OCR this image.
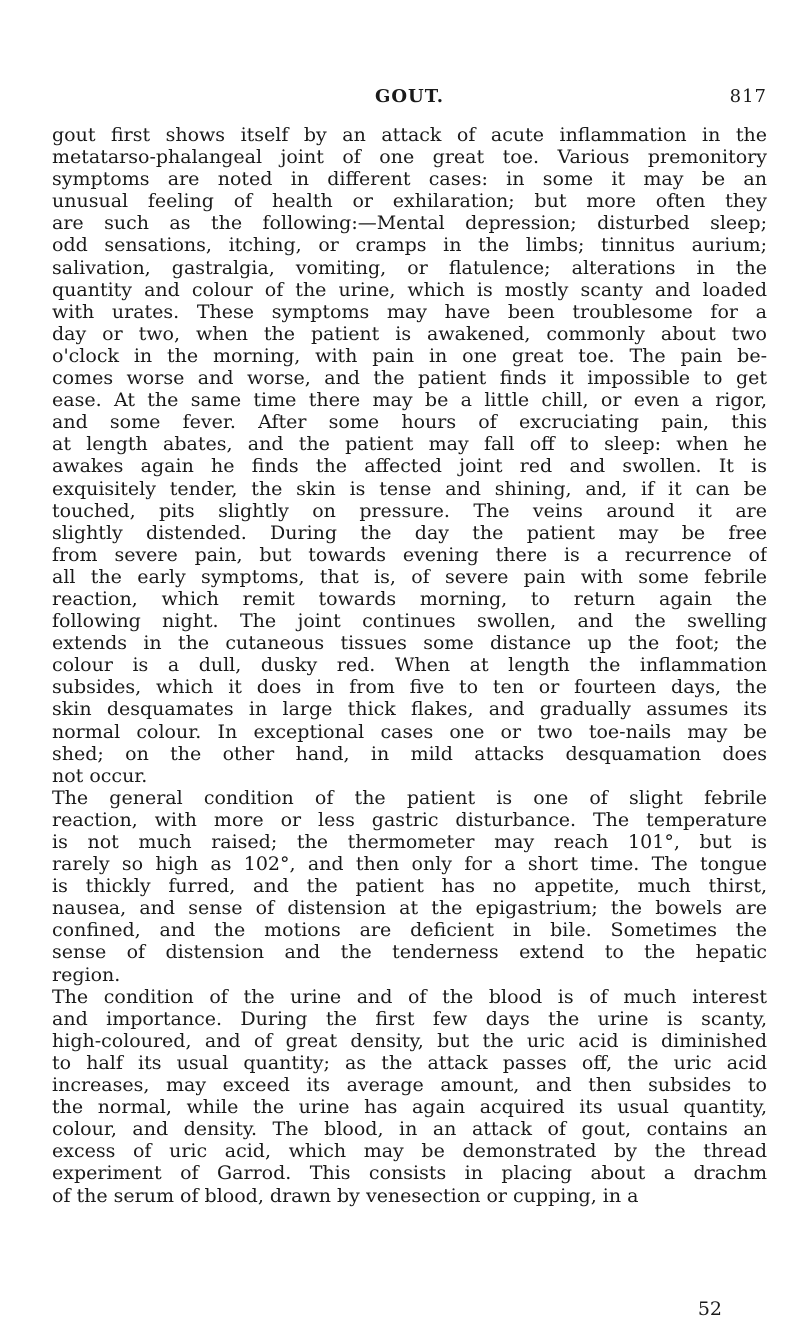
GOUT.	817
gout first shows itself by an attack of acute inflammation in the
metatarso-phalangeal joint of one great toe. Various premonitory
symptoms are noted in different cases: in some it may be an
unusual feeling of health or exhilaration; but more often they
are such as the following:—Mental depression; disturbed sleep;
odd sensations, itching, or cramps in the limbs; tinnitus aurium;
salivation, gastralgia, vomiting, or flatulence; alterations in the
quantity and colour of the urine, which is mostly scanty and loaded
with urates. These symptoms may have been troublesome for a
day or two, when the patient is awakened, commonly about two
o'clock in the morning, with pain in one great toe. The pain be-
comes worse and worse, and the patient finds it impossible to get
ease. At the same time there may be a little chill, or even a rigor,
and some fever. After some hours of excruciating pain, this
at length abates, and the patient may fall off to sleep: when he
awakes again he finds the affected joint red and swollen. It is
exquisitely tender, the skin is tense and shining, and, if it can be
touched, pits slightly on pressure. The veins around it are
slightly distended. During the day the patient may be free
from severe pain, but towards evening there is a recurrence of
all the early symptoms, that is, of severe pain with some febrile
reaction, which remit towards morning, to return again the
following night. The joint continues swollen, and the swelling
extends in the cutaneous tissues some distance up the foot; the
colour is a dull, dusky red. When at length the inflammation
subsides, which it does in from five to ten or fourteen days, the
skin desquamates in large thick flakes, and gradually assumes its
normal colour. In exceptional cases one or two toe-nails may be
shed; on the other hand, in mild attacks desquamation does
not occur.
The general condition of the patient is one of slight febrile
reaction, with more or less gastric disturbance. The temperature
is not much raised; the thermometer may reach 101°, but is
rarely so high as 102°, and then only for a short time. The tongue
is thickly furred, and the patient has no appetite, much thirst,
nausea, and sense of distension at the epigastrium; the bowels are
confined, and the motions are deficient in bile. Sometimes the
sense of distension and the tenderness extend to the hepatic
region.
The condition of the urine and of the blood is of much interest
and importance. During the first few days the urine is scanty,
high-coloured, and of great density, but the uric acid is diminished
to half its usual quantity; as the attack passes off, the uric acid
increases, may exceed its average amount, and then subsides to
the normal, while the urine has again acquired its usual quantity,
colour, and density. The blood, in an attack of gout, contains an
excess of uric acid, which may be demonstrated by the thread
experiment of Garrod. This consists in placing about a drachm
of the serum of blood, drawn by venesection or cupping, in a
52
